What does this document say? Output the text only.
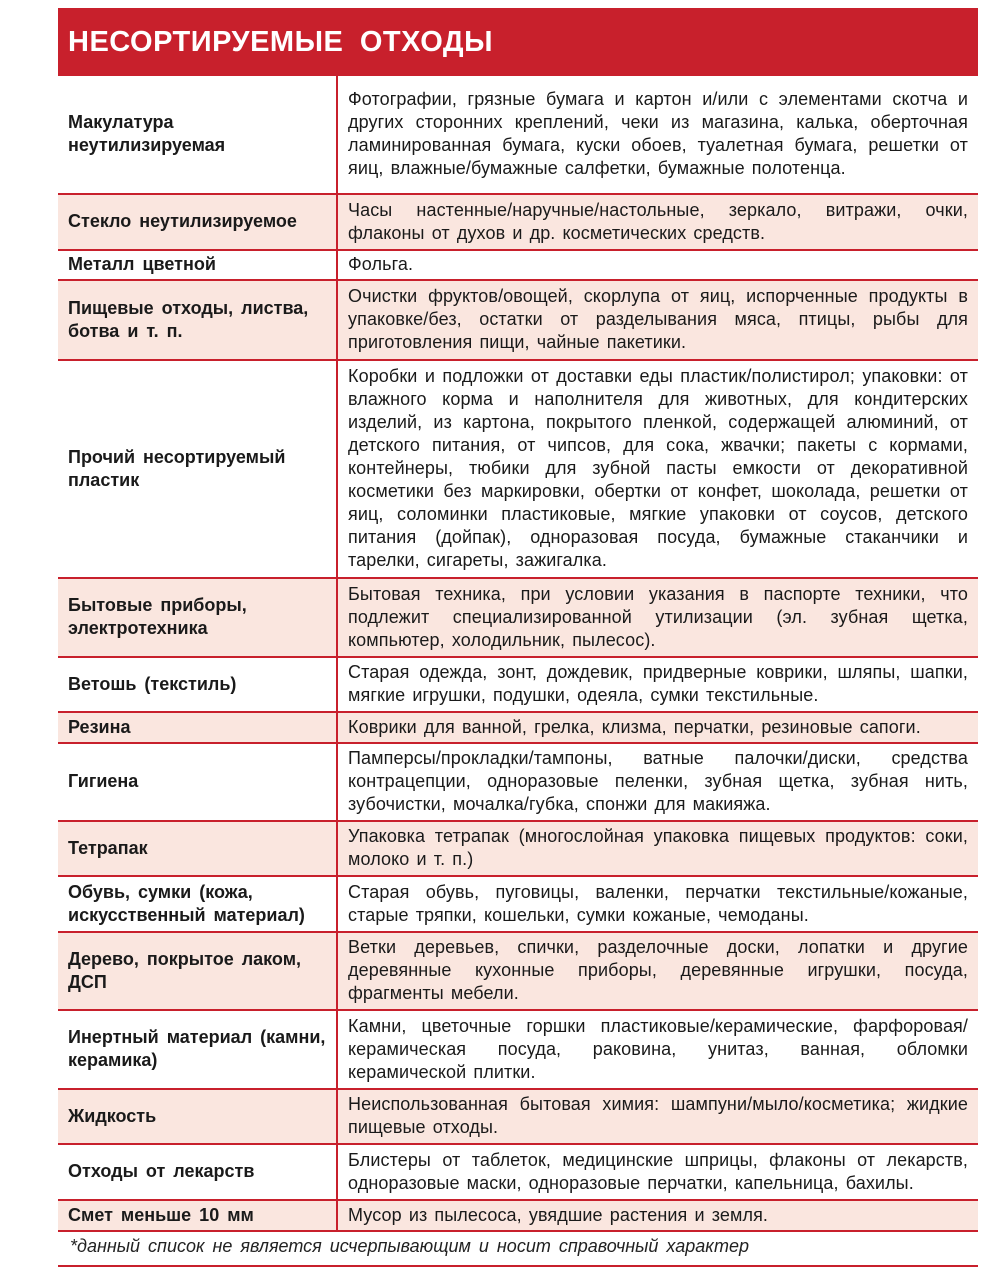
НЕСОРТИРУЕМЫЕ ОТХОДЫ
Макулатура неутилизируемая	Фотографии, грязные бумага и картон и/или с элементами скотча и других сторонних креплений, чеки из магазина, калька, оберточная ламинированная бумага, куски обоев, туалетная бумага, решетки от яиц, влажные/бумажные салфетки, бумажные полотенца.
Стекло неутилизируемое	Часы настенные/наручные/настольные, зеркало, витражи, очки, флаконы от духов и др. косметических средств.
Металл цветной	Фольга.
Пищевые отходы, листва, ботва и т. п.	Очистки фруктов/овощей, скорлупа от яиц, испорченные продукты в упаковке/без, остатки от разделывания мяса, птицы, рыбы для приготовления пищи, чайные пакетики.
Прочий несортируемый пластик	Коробки и подложки от доставки еды пластик/полистирол; упаковки: от влажного корма и наполнителя для животных, для кондитерских изделий, из картона, покрытого пленкой, содержащей алюминий, от детского питания, от чипсов, для сока, жвачки; пакеты с кормами, контейнеры, тюбики для зубной пасты емкости от декоративной косметики без маркировки, обертки от конфет, шоколада, решетки от яиц, соломинки пластиковые, мягкие упаковки от соусов, детского питания (дойпак), одноразовая посуда, бумажные стаканчики и тарелки, сигареты, зажигалка.
Бытовые приборы, электротехника	Бытовая техника, при условии указания в паспорте техники, что подлежит специализированной утилизации (эл. зубная щетка, компьютер, холодильник, пылесос).
Ветошь (текстиль)	Старая одежда, зонт, дождевик, придверные коврики, шляпы, шапки, мягкие игрушки, подушки, одеяла, сумки текстильные.
Резина	Коврики для ванной, грелка, клизма, перчатки, резиновые сапоги.
Гигиена	Памперсы/прокладки/тампоны, ватные палочки/диски, средства контрацепции, одноразовые пеленки, зубная щетка, зубная нить, зубочистки, мочалка/губка, спонжи для макияжа.
Тетрапак	Упаковка тетрапак (многослойная упаковка пищевых продуктов: соки, молоко и т. п.)
Обувь, сумки (кожа, искусственный материал)	Старая обувь, пуговицы, валенки, перчатки текстильные/кожаные, старые тряпки, кошельки, сумки кожаные, чемоданы.
Дерево, покрытое лаком, ДСП	Ветки деревьев, спички, разделочные доски, лопатки и другие деревянные кухонные приборы, деревянные игрушки, посуда, фрагменты мебели.
Инертный материал (камни, керамика)	Камни, цветочные горшки пластиковые/керамические, фарфоровая/керамическая посуда, раковина, унитаз, ванная, обломки керамической плитки.
Жидкость	Неиспользованная бытовая химия: шампуни/мыло/косметика; жидкие пищевые отходы.
Отходы от лекарств	Блистеры от таблеток, медицинские шприцы, флаконы от лекарств, одноразовые маски, одноразовые перчатки, капельница, бахилы.
Смет меньше 10 мм	Мусор из пылесоса, увядшие растения и земля.
*данный список не является исчерпывающим и носит справочный характер
